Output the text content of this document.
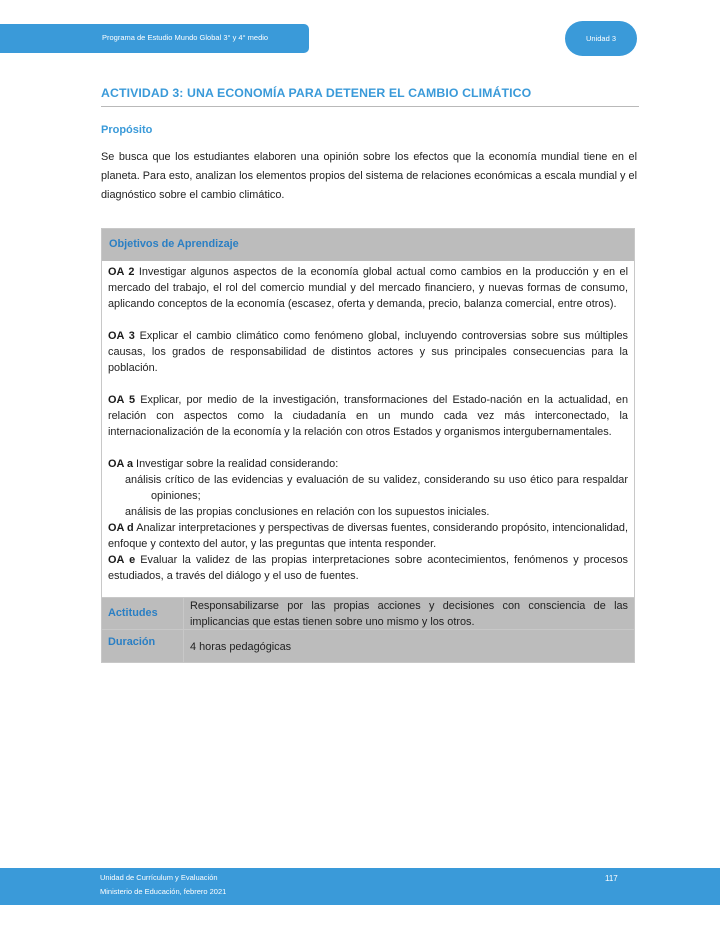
Programa de Estudio Mundo Global 3° y 4° medio	Unidad 3
ACTIVIDAD 3: UNA ECONOMÍA PARA DETENER EL CAMBIO CLIMÁTICO
Propósito

Se busca que los estudiantes elaboren una opinión sobre los efectos que la economía mundial tiene en el planeta. Para esto, analizan los elementos propios del sistema de relaciones económicas a escala mundial y el diagnóstico sobre el cambio climático.

Objetivos de Aprendizaje

OA 2 Investigar algunos aspectos de la economía global actual como cambios en la producción y en el mercado del trabajo, el rol del comercio mundial y del mercado financiero, y nuevas formas de consumo, aplicando conceptos de la economía (escasez, oferta y demanda, precio, balanza comercial, entre otros).

OA 3 Explicar el cambio climático como fenómeno global, incluyendo controversias sobre sus múltiples causas, los grados de responsabilidad de distintos actores y sus principales consecuencias para la población.

OA 5 Explicar, por medio de la investigación, transformaciones del Estado-nación en la actualidad, en relación con aspectos como la ciudadanía en un mundo cada vez más interconectado, la internacionalización de la economía y la relación con otros Estados y organismos intergubernamentales.

OA a Investigar sobre la realidad considerando:

análisis crítico de las evidencias y evaluación de su validez, considerando su uso ético para respaldar opiniones;

análisis de las propias conclusiones en relación con los supuestos iniciales.

OA d Analizar interpretaciones y perspectivas de diversas fuentes, considerando propósito, intencionalidad, enfoque y contexto del autor, y las preguntas que intenta responder.

OA e Evaluar la validez de las propias interpretaciones sobre acontecimientos, fenómenos y procesos estudiados, a través del diálogo y el uso de fuentes.

Actitudes
Responsabilizarse por las propias acciones y decisiones con consciencia de las implicancias que estas tienen sobre uno mismo y los otros.
Duración	4 horas pedagógicas
Unidad de Currículum y Evaluación
Ministerio de Educación, febrero 2021
117
